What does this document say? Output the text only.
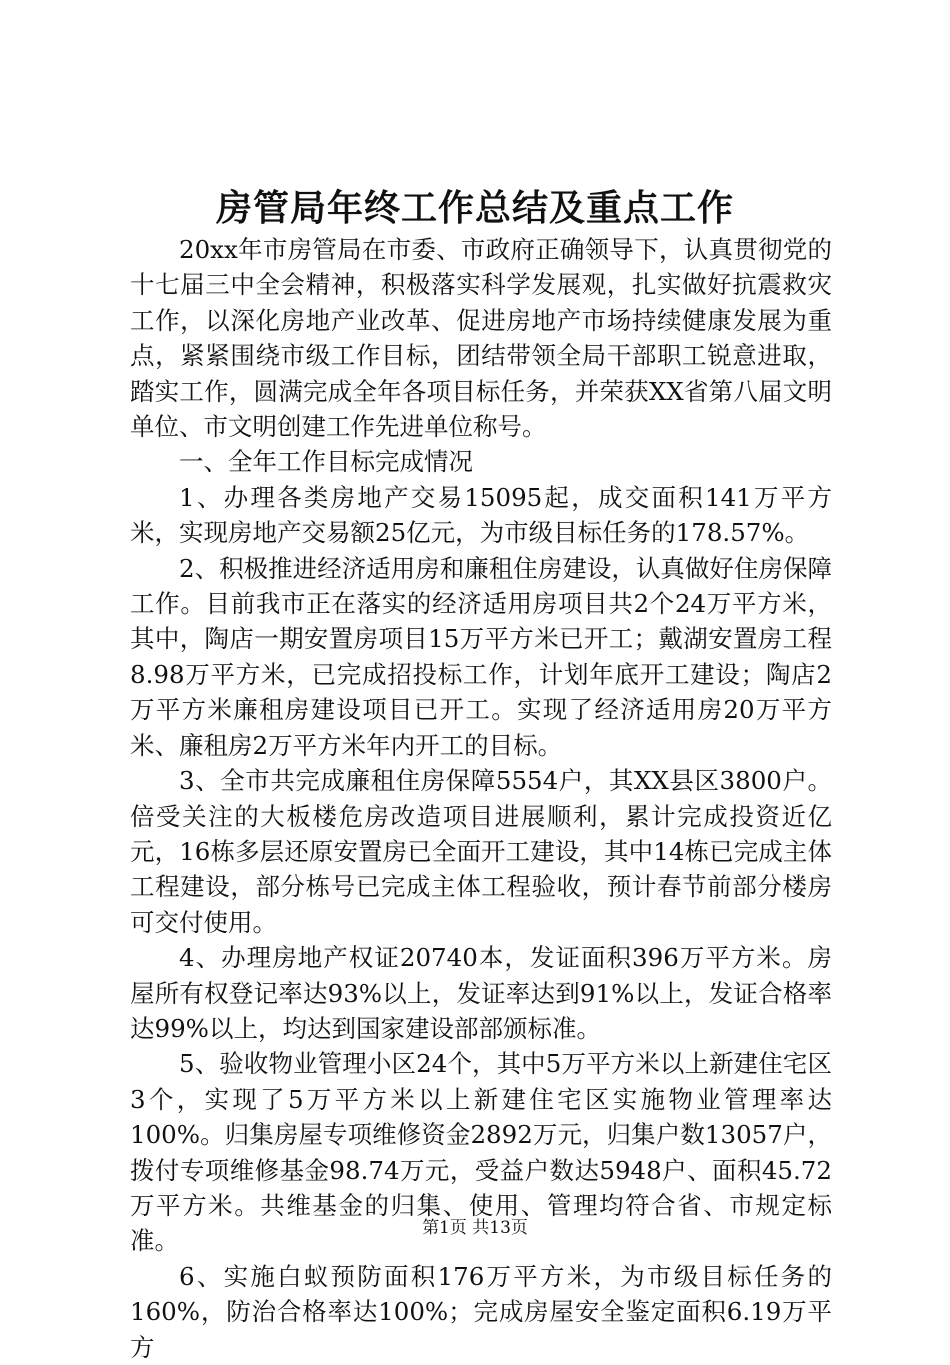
房管局年终工作总结及重点工作

20xx年市房管局在市委、市政府正确领导下，认真贯彻党的十七届三中全会精神，积极落实科学发展观，扎实做好抗震救灾工作，以深化房地产业改革、促进房地产市场持续健康发展为重点，紧紧围绕市级工作目标，团结带领全局干部职工锐意进取，踏实工作，圆满完成全年各项目标任务，并荣获XX省第八届文明单位、市文明创建工作先进单位称号。

一、全年工作目标完成情况

1、办理各类房地产交易15095起，成交面积141万平方米，实现房地产交易额25亿元，为市级目标任务的178.57%。

2、积极推进经济适用房和廉租住房建设，认真做好住房保障工作。目前我市正在落实的经济适用房项目共2个24万平方米，其中，陶店一期安置房项目15万平方米已开工；戴湖安置房工程8.98万平方米，已完成招投标工作，计划年底开工建设；陶店2万平方米廉租房建设项目已开工。实现了经济适用房20万平方米、廉租房2万平方米年内开工的目标。

3、全市共完成廉租住房保障5554户，其XX县区3800户。倍受关注的大板楼危房改造项目进展顺利，累计完成投资近亿元，16栋多层还原安置房已全面开工建设，其中14栋已完成主体工程建设，部分栋号已完成主体工程验收，预计春节前部分楼房可交付使用。

4、办理房地产权证20740本，发证面积396万平方米。房屋所有权登记率达93%以上，发证率达到91%以上，发证合格率达99%以上，均达到国家建设部部颁标准。

5、验收物业管理小区24个，其中5万平方米以上新建住宅区3个，实现了5万平方米以上新建住宅区实施物业管理率达100%。归集房屋专项维修资金2892万元，归集户数13057户，拨付专项维修基金98.74万元，受益户数达5948户、面积45.72万平方米。共维基金的归集、使用、管理均符合省、市规定标准。

6、实施白蚁预防面积176万平方米，为市级目标任务的160%，防治合格率达100%；完成房屋安全鉴定面积6.19万平方

第1页 共13页
